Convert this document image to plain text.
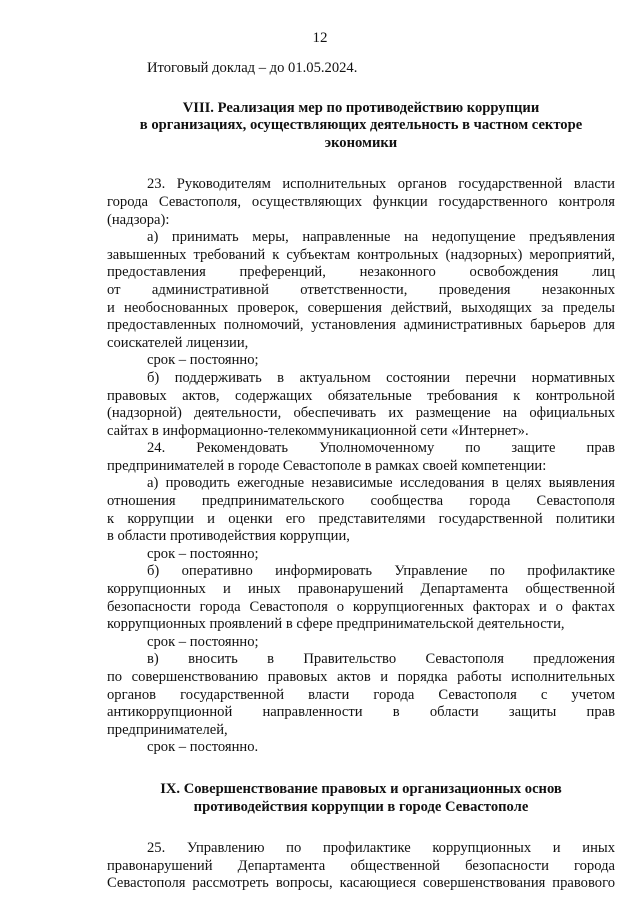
12

Итоговый доклад – до 01.05.2024.

VIII. Реализация мер по противодействию коррупции

в организациях, осуществляющих деятельность в частном секторе

экономики

23. Руководителям исполнительных органов государственной власти
города Севастополя, осуществляющих функции государственного контроля
(надзора):
а) принимать меры, направленные на недопущение предъявления
завышенных требований к субъектам контрольных (надзорных) мероприятий,
предоставления преференций, незаконного освобождения лиц
от административной ответственности, проведения незаконных
и необоснованных проверок, совершения действий, выходящих за пределы
предоставленных полномочий, установления административных барьеров для
соискателей лицензии,
срок – постоянно;
б) поддерживать в актуальном состоянии перечни нормативных
правовых актов, содержащих обязательные требования к контрольной
(надзорной) деятельности, обеспечивать их размещение на официальных
сайтах в информационно-телекоммуникационной сети «Интернет».
24. Рекомендовать Уполномоченному по защите прав
предпринимателей в городе Севастополе в рамках своей компетенции:
а) проводить ежегодные независимые исследования в целях выявления
отношения предпринимательского сообщества города Севастополя
к коррупции и оценки его представителями государственной политики
в области противодействия коррупции,
срок – постоянно;
б) оперативно информировать Управление по профилактике
коррупционных и иных правонарушений Департамента общественной
безопасности города Севастополя о коррупциогенных факторах и о фактах
коррупционных проявлений в сфере предпринимательской деятельности,
срок – постоянно;
в) вносить в Правительство Севастополя предложения
по совершенствованию правовых актов и порядка работы исполнительных
органов государственной власти города Севастополя с учетом
антикоррупционной направленности в области защиты прав
предпринимателей,
срок – постоянно.

IX. Совершенствование правовых и организационных основ

противодействия коррупции в городе Севастополе

25. Управлению по профилактике коррупционных и иных
правонарушений Департамента общественной безопасности города
Севастополя рассмотреть вопросы, касающиеся совершенствования правового
